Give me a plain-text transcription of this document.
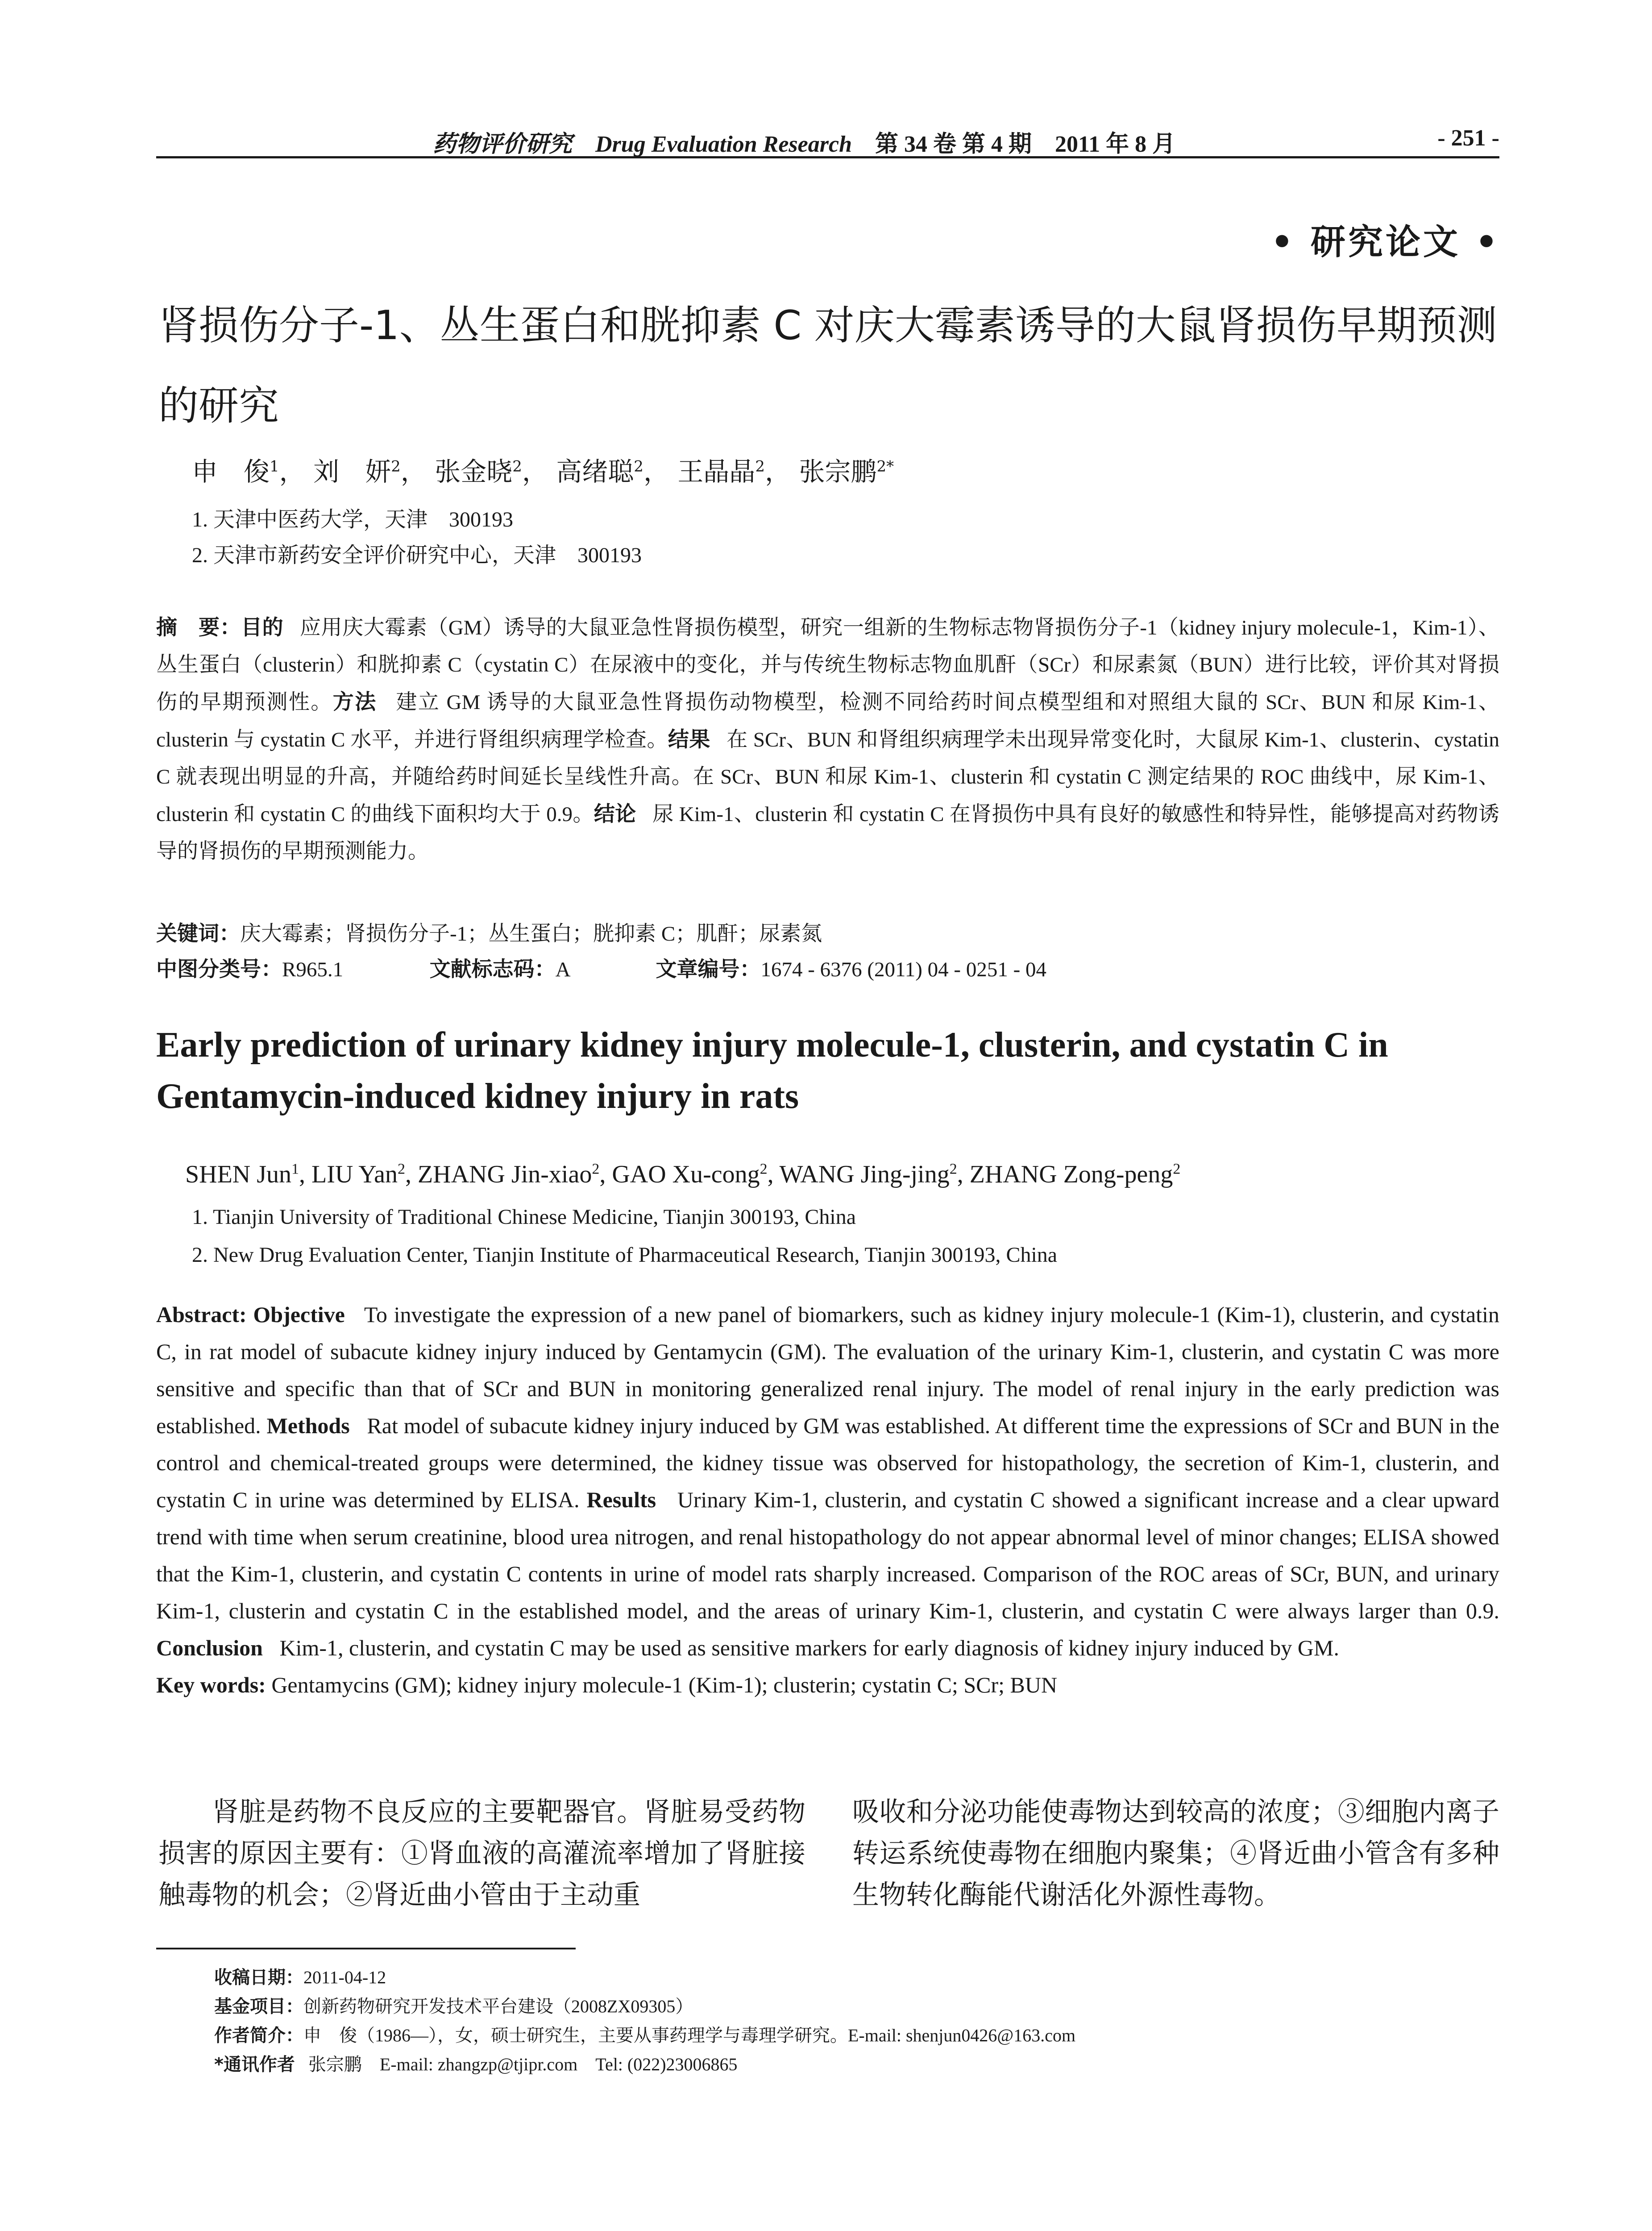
药物评价研究 Drug Evaluation Research 第 34 卷 第 4 期　2011 年 8 月	- 251 -
• 研究论文 •
肾损伤分子-1、丛生蛋白和胱抑素 C 对庆大霉素诱导的大鼠肾损伤早期预测的研究
申　俊$^1$， 刘　妍$^2$， 张金晓$^2$， 高绪聪$^2$， 王晶晶$^2$， 张宗鹏$^{2*}$
1. 天津中医药大学，天津　300193
2. 天津市新药安全评价研究中心，天津　300193
摘　要：目的 应用庆大霉素（GM）诱导的大鼠亚急性肾损伤模型，研究一组新的生物标志物肾损伤分子-1（kidney injury molecule-1，Kim-1）、丛生蛋白（clusterin）和胱抑素 C（cystatin C）在尿液中的变化，并与传统生物标志物血肌酐（SCr）和尿素氮（BUN）进行比较，评价其对肾损伤的早期预测性。方法 建立 GM 诱导的大鼠亚急性肾损伤动物模型，检测不同给药时间点模型组和对照组大鼠的 SCr、BUN 和尿 Kim-1、clusterin 与 cystatin C 水平，并进行肾组织病理学检查。结果 在 SCr、BUN 和肾组织病理学未出现异常变化时，大鼠尿 Kim-1、clusterin、cystatin C 就表现出明显的升高，并随给药时间延长呈线性升高。在 SCr、BUN 和尿 Kim-1、clusterin 和 cystatin C 测定结果的 ROC 曲线中，尿 Kim-1、clusterin 和 cystatin C 的曲线下面积均大于 0.9。结论 尿 Kim-1、clusterin 和 cystatin C 在肾损伤中具有良好的敏感性和特异性，能够提高对药物诱导的肾损伤的早期预测能力。
关键词：庆大霉素；肾损伤分子-1；丛生蛋白；胱抑素 C；肌酐；尿素氮
中图分类号：R965.1	文献标志码：A	文章编号：1674 - 6376 (2011) 04 - 0251 - 04
Early prediction of urinary kidney injury molecule-1, clusterin, and cystatin C in Gentamycin-induced kidney injury in rats
SHEN Jun$^1$, LIU Yan$^2$, ZHANG Jin-xiao$^2$, GAO Xu-cong$^2$, WANG Jing-jing$^2$, ZHANG Zong-peng$^2$
1. Tianjin University of Traditional Chinese Medicine, Tianjin 300193, China
2. New Drug Evaluation Center, Tianjin Institute of Pharmaceutical Research, Tianjin 300193, China
Abstract: Objective To investigate the expression of a new panel of biomarkers, such as kidney injury molecule-1 (Kim-1), clusterin, and cystatin C, in rat model of subacute kidney injury induced by Gentamycin (GM). The evaluation of the urinary Kim-1, clusterin, and cystatin C was more sensitive and specific than that of SCr and BUN in monitoring generalized renal injury. The model of renal injury in the early prediction was established. Methods Rat model of subacute kidney injury induced by GM was established. At different time the expressions of SCr and BUN in the control and chemical-treated groups were determined, the kidney tissue was observed for histopathology, the secretion of Kim-1, clusterin, and cystatin C in urine was determined by ELISA. Results Urinary Kim-1, clusterin, and cystatin C showed a significant increase and a clear upward trend with time when serum creatinine, blood urea nitrogen, and renal histopathology do not appear abnormal level of minor changes; ELISA showed that the Kim-1, clusterin, and cystatin C contents in urine of model rats sharply increased. Comparison of the ROC areas of SCr, BUN, and urinary Kim-1, clusterin and cystatin C in the established model, and the areas of urinary Kim-1, clusterin, and cystatin C were always larger than 0.9. Conclusion Kim-1, clusterin, and cystatin C may be used as sensitive markers for early diagnosis of kidney injury induced by GM.
Key words: Gentamycins (GM); kidney injury molecule-1 (Kim-1); clusterin; cystatin C; SCr; BUN
肾脏是药物不良反应的主要靶器官。肾脏易受药物损害的原因主要有：①肾血液的高灌流率增加了肾脏接触毒物的机会；②肾近曲小管由于主动重
吸收和分泌功能使毒物达到较高的浓度；③细胞内离子转运系统使毒物在细胞内聚集；④肾近曲小管含有多种生物转化酶能代谢活化外源性毒物。
收稿日期：2011-04-12
基金项目：创新药物研究开发技术平台建设（2008ZX09305）
作者简介：申　俊（1986—），女，硕士研究生，主要从事药理学与毒理学研究。E-mail: shenjun0426@163.com
*通讯作者 张宗鹏　E-mail: zhangzp@tjipr.com　Tel: (022)23006865
